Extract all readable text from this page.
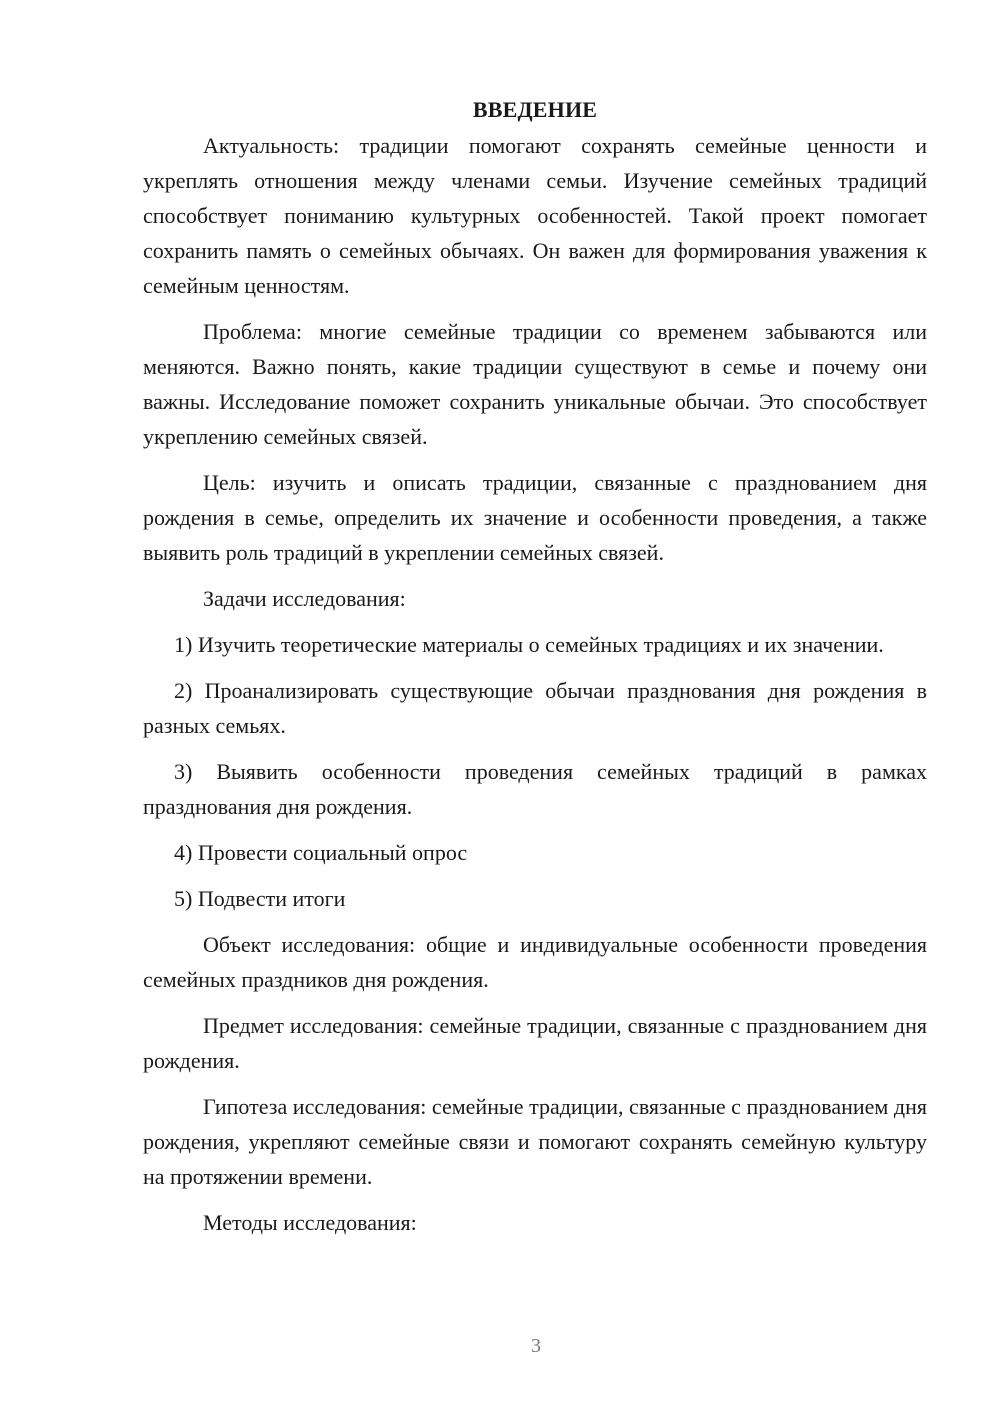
ВВЕДЕНИЕ

Актуальность: традиции помогают сохранять семейные ценности и укреплять отношения между членами семьи. Изучение семейных традиций способствует пониманию культурных особенностей. Такой проект помогает сохранить память о семейных обычаях. Он важен для формирования уважения к семейным ценностям.

Проблема: многие семейные традиции со временем забываются или меняются. Важно понять, какие традиции существуют в семье и почему они важны. Исследование поможет сохранить уникальные обычаи. Это способствует укреплению семейных связей.

Цель: изучить и описать традиции, связанные с празднованием дня рождения в семье, определить их значение и особенности проведения, а также выявить роль традиций в укреплении семейных связей.

Задачи исследования:

1) Изучить теоретические материалы о семейных традициях и их значении.

2) Проанализировать существующие обычаи празднования дня рождения в разных семьях.

3) Выявить особенности проведения семейных традиций в рамках празднования дня рождения.

4) Провести социальный опрос

5) Подвести итоги

Объект исследования: общие и индивидуальные особенности проведения семейных праздников дня рождения.

Предмет исследования: семейные традиции, связанные с празднованием дня рождения.

Гипотеза исследования: семейные традиции, связанные с празднованием дня рождения, укрепляют семейные связи и помогают сохранять семейную культуру на протяжении времени.

Методы исследования:

3
